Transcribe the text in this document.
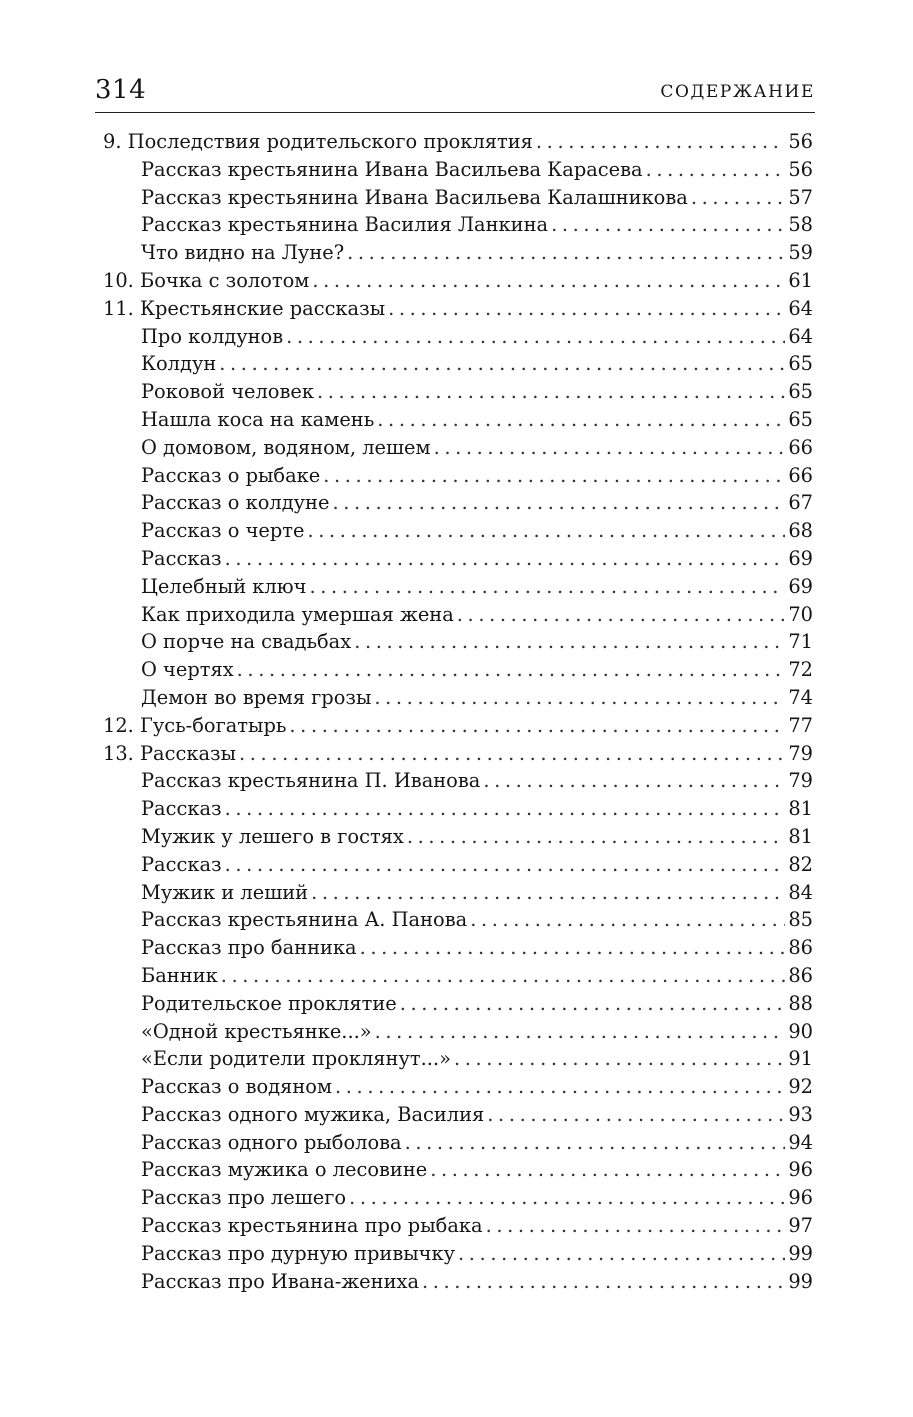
314	СОДЕРЖАНИЕ
9. Последствия родительского проклятия .....	56
Рассказ крестьянина Ивана Васильева Карасева .....	56
Рассказ крестьянина Ивана Васильева Калашникова .....	57
Рассказ крестьянина Василия Ланкина .....	58
Что видно на Луне? .....	59
10. Бочка с золотом .....	61
11. Крестьянские рассказы .....	64
Про колдунов .....	64
Колдун .....	65
Роковой человек .....	65
Нашла коса на камень .....	65
О домовом, водяном, лешем .....	66
Рассказ о рыбаке .....	66
Рассказ о колдуне .....	67
Рассказ о черте .....	68
Рассказ .....	69
Целебный ключ .....	69
Как приходила умершая жена .....	70
О порче на свадьбах .....	71
О чертях .....	72
Демон во время грозы .....	74
12. Гусь-богатырь .....	77
13. Рассказы .....	79
Рассказ крестьянина П. Иванова .....	79
Рассказ .....	81
Мужик у лешего в гостях .....	81
Рассказ .....	82
Мужик и леший .....	84
Рассказ крестьянина А. Панова .....	85
Рассказ про банника .....	86
Банник .....	86
Родительское проклятие .....	88
«Одной крестьянке...» .....	90
«Если родители проклянут...» .....	91
Рассказ о водяном .....	92
Рассказ одного мужика, Василия .....	93
Рассказ одного рыболова .....	94
Рассказ мужика о лесовине .....	96
Рассказ про лешего .....	96
Рассказ крестьянина про рыбака .....	97
Рассказ про дурную привычку .....	99
Рассказ про Ивана-жениха .....	99
